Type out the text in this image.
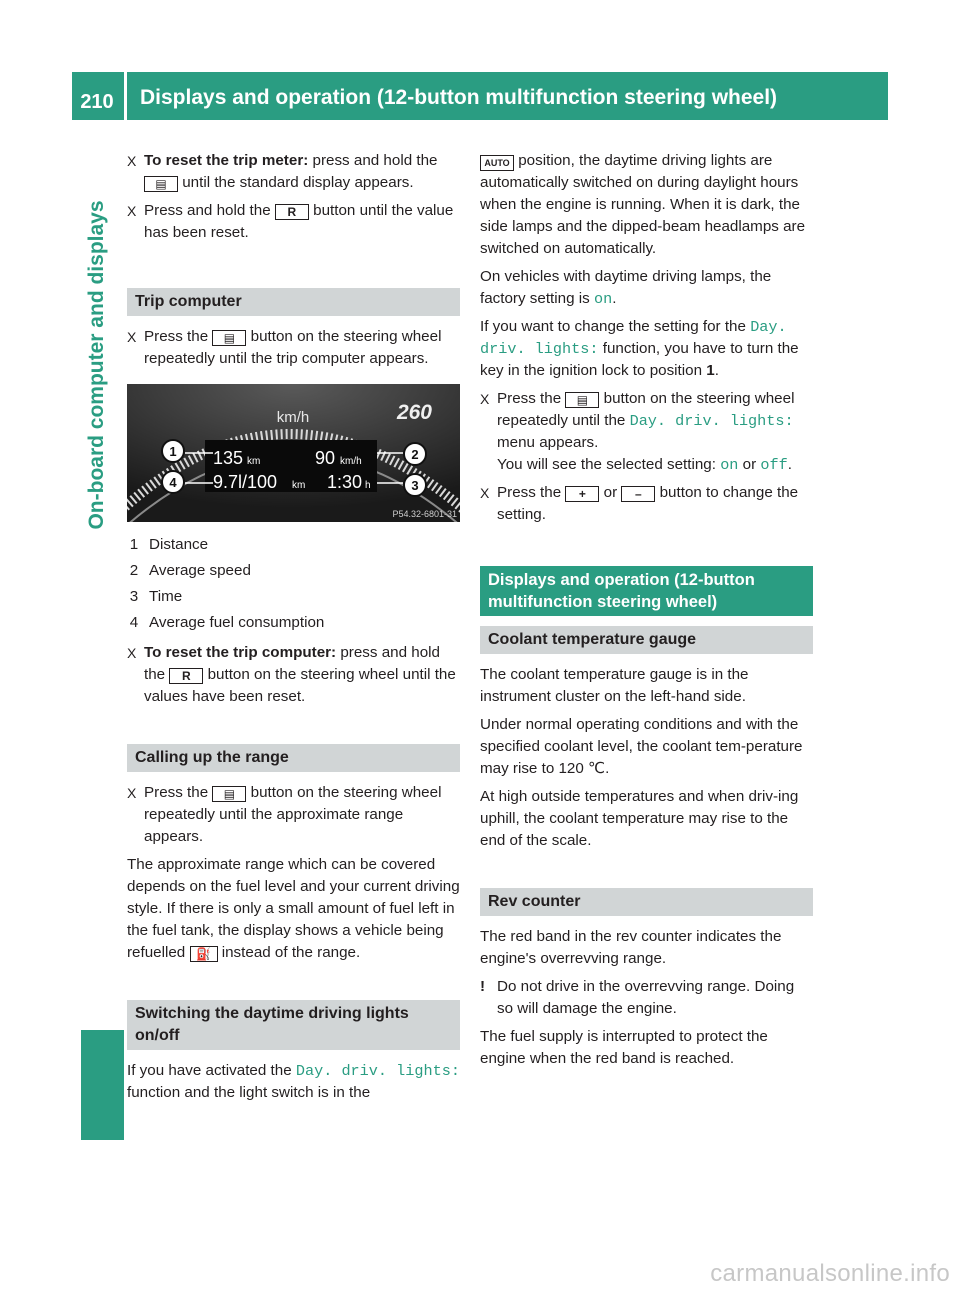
210	Displays and operation (12-button multifunction steering wheel)
On-board computer and displays
X To reset the trip meter: press and hold the ▤ until the standard display appears.
X Press and hold the R button until the value has been reset.
Trip computer
X Press the ▤ button on the steering wheel repeatedly until the trip computer appears.
km/h	260
135 km	90 km/h
9.7l/100 km 1:30 h
1
4
2
3
P54.32-6801-31
1 Distance
2 Average speed
3 Time
4 Average fuel consumption
X To reset the trip computer: press and hold the R button on the steering wheel until the values have been reset.
Calling up the range
X Press the ▤ button on the steering wheel repeatedly until the approximate range appears.

The approximate range which can be covered depends on the fuel level and your current driving style. If there is only a small amount of fuel left in the fuel tank, the display shows a vehicle being refuelled ⛽ instead of the range.

Switching the daytime driving lights on/off

If you have activated the Day. driv. lights: function and the light switch is in the

AUTO position, the daytime driving lights are automatically switched on during daylight hours when the engine is running. When it is dark, the side lamps and the dipped-beam headlamps are switched on automatically.

On vehicles with daytime driving lamps, the factory setting is on.

If you want to change the setting for the Day. driv. lights: function, you have to turn the key in the ignition lock to position 1.

X Press the ▤ button on the steering wheel repeatedly until the Day. driv. lights: menu appears.
You will see the selected setting: on or off.
X Press the + or – button to change the setting.
Displays and operation (12-button multifunction steering wheel)
Coolant temperature gauge

The coolant temperature gauge is in the instrument cluster on the left-hand side.

Under normal operating conditions and with the specified coolant level, the coolant tem-perature may rise to 120 ℃.

At high outside temperatures and when driv-ing uphill, the coolant temperature may rise to the end of the scale.

Rev counter

The red band in the rev counter indicates the engine's overrevving range.

! Do not drive in the overrevving range. Doing so will damage the engine.

The fuel supply is interrupted to protect the engine when the red band is reached.

carmanualsonline.info
